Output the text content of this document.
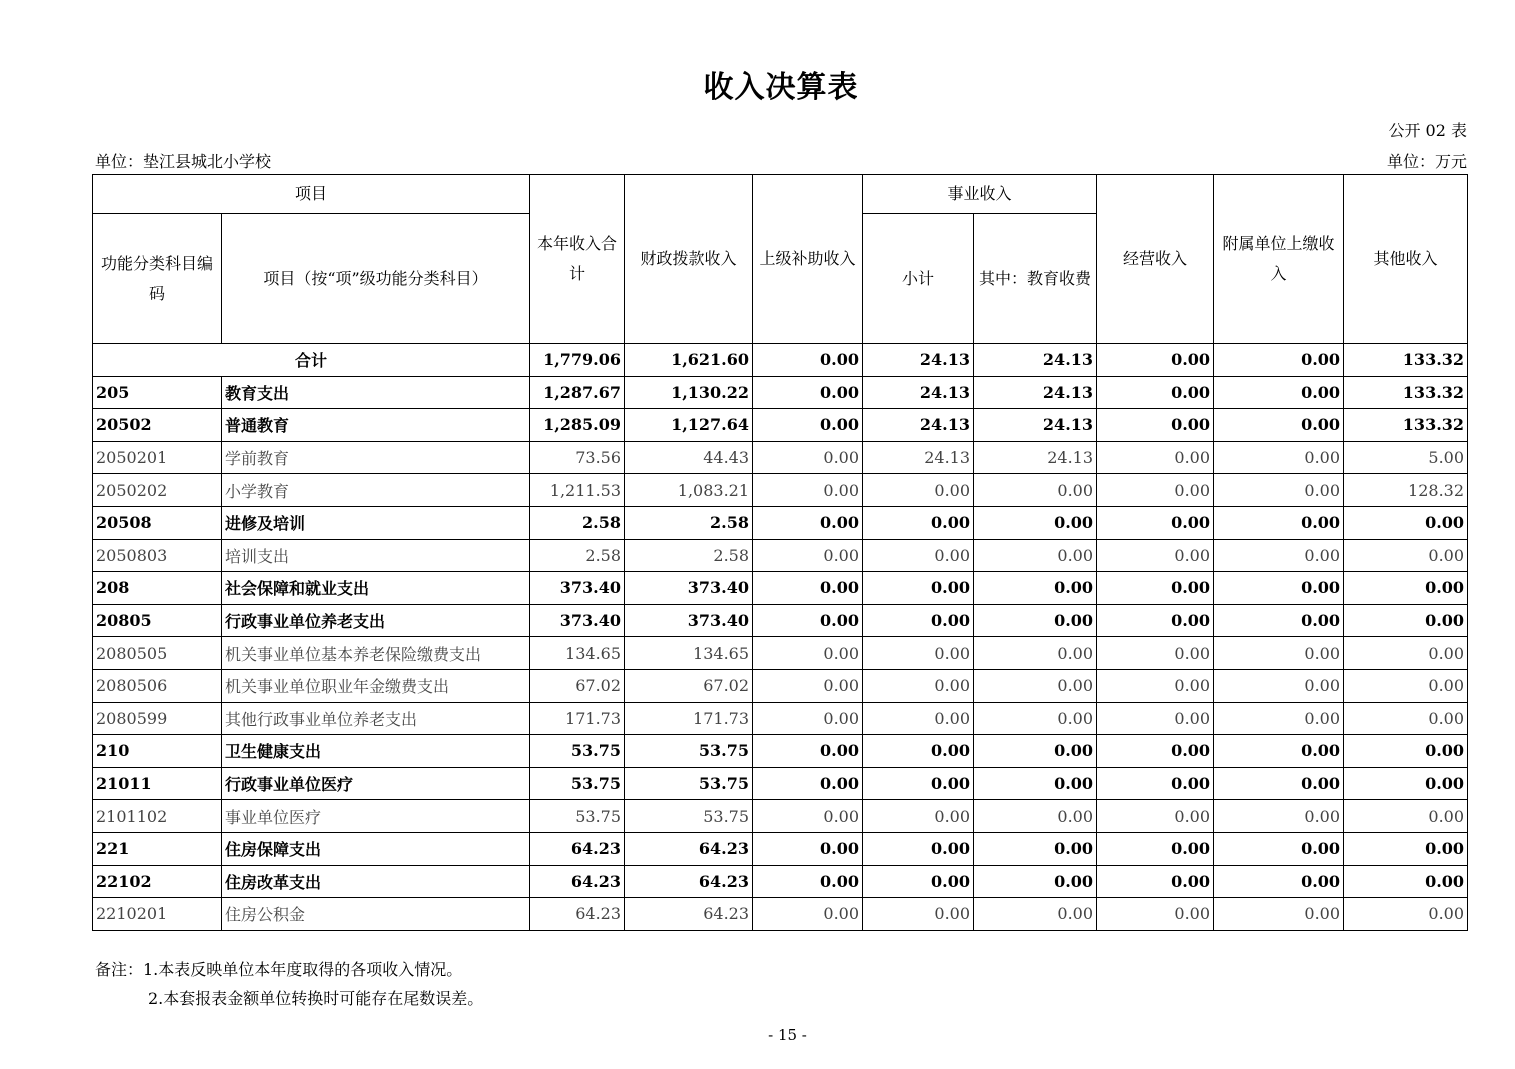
收入决算表
公开 02 表
单位：垫江县城北小学校	单位：万元
项目		本年收入合计	财政拨款收入	上级补助收入	事业收入		经营收入	附属单位上缴收入	其他收入
功能分类科目编码	项目（按“项”级功能分类科目）				小计	其中：教育收费			
合计		1,779.06	1,621.60	0.00	24.13	24.13	0.00	0.00	133.32
205	教育支出	1,287.67	1,130.22	0.00	24.13	24.13	0.00	0.00	133.32
20502	普通教育	1,285.09	1,127.64	0.00	24.13	24.13	0.00	0.00	133.32
2050201	学前教育	73.56	44.43	0.00	24.13	24.13	0.00	0.00	5.00
2050202	小学教育	1,211.53	1,083.21	0.00	0.00	0.00	0.00	0.00	128.32
20508	进修及培训	2.58	2.58	0.00	0.00	0.00	0.00	0.00	0.00
2050803	培训支出	2.58	2.58	0.00	0.00	0.00	0.00	0.00	0.00
208	社会保障和就业支出	373.40	373.40	0.00	0.00	0.00	0.00	0.00	0.00
20805	行政事业单位养老支出	373.40	373.40	0.00	0.00	0.00	0.00	0.00	0.00
2080505	机关事业单位基本养老保险缴费支出	134.65	134.65	0.00	0.00	0.00	0.00	0.00	0.00
2080506	机关事业单位职业年金缴费支出	67.02	67.02	0.00	0.00	0.00	0.00	0.00	0.00
2080599	其他行政事业单位养老支出	171.73	171.73	0.00	0.00	0.00	0.00	0.00	0.00
210	卫生健康支出	53.75	53.75	0.00	0.00	0.00	0.00	0.00	0.00
21011	行政事业单位医疗	53.75	53.75	0.00	0.00	0.00	0.00	0.00	0.00
2101102	事业单位医疗	53.75	53.75	0.00	0.00	0.00	0.00	0.00	0.00
221	住房保障支出	64.23	64.23	0.00	0.00	0.00	0.00	0.00	0.00
22102	住房改革支出	64.23	64.23	0.00	0.00	0.00	0.00	0.00	0.00
2210201	住房公积金	64.23	64.23	0.00	0.00	0.00	0.00	0.00	0.00
备注：1.本表反映单位本年度取得的各项收入情况。
2.本套报表金额单位转换时可能存在尾数误差。
- 15 -
